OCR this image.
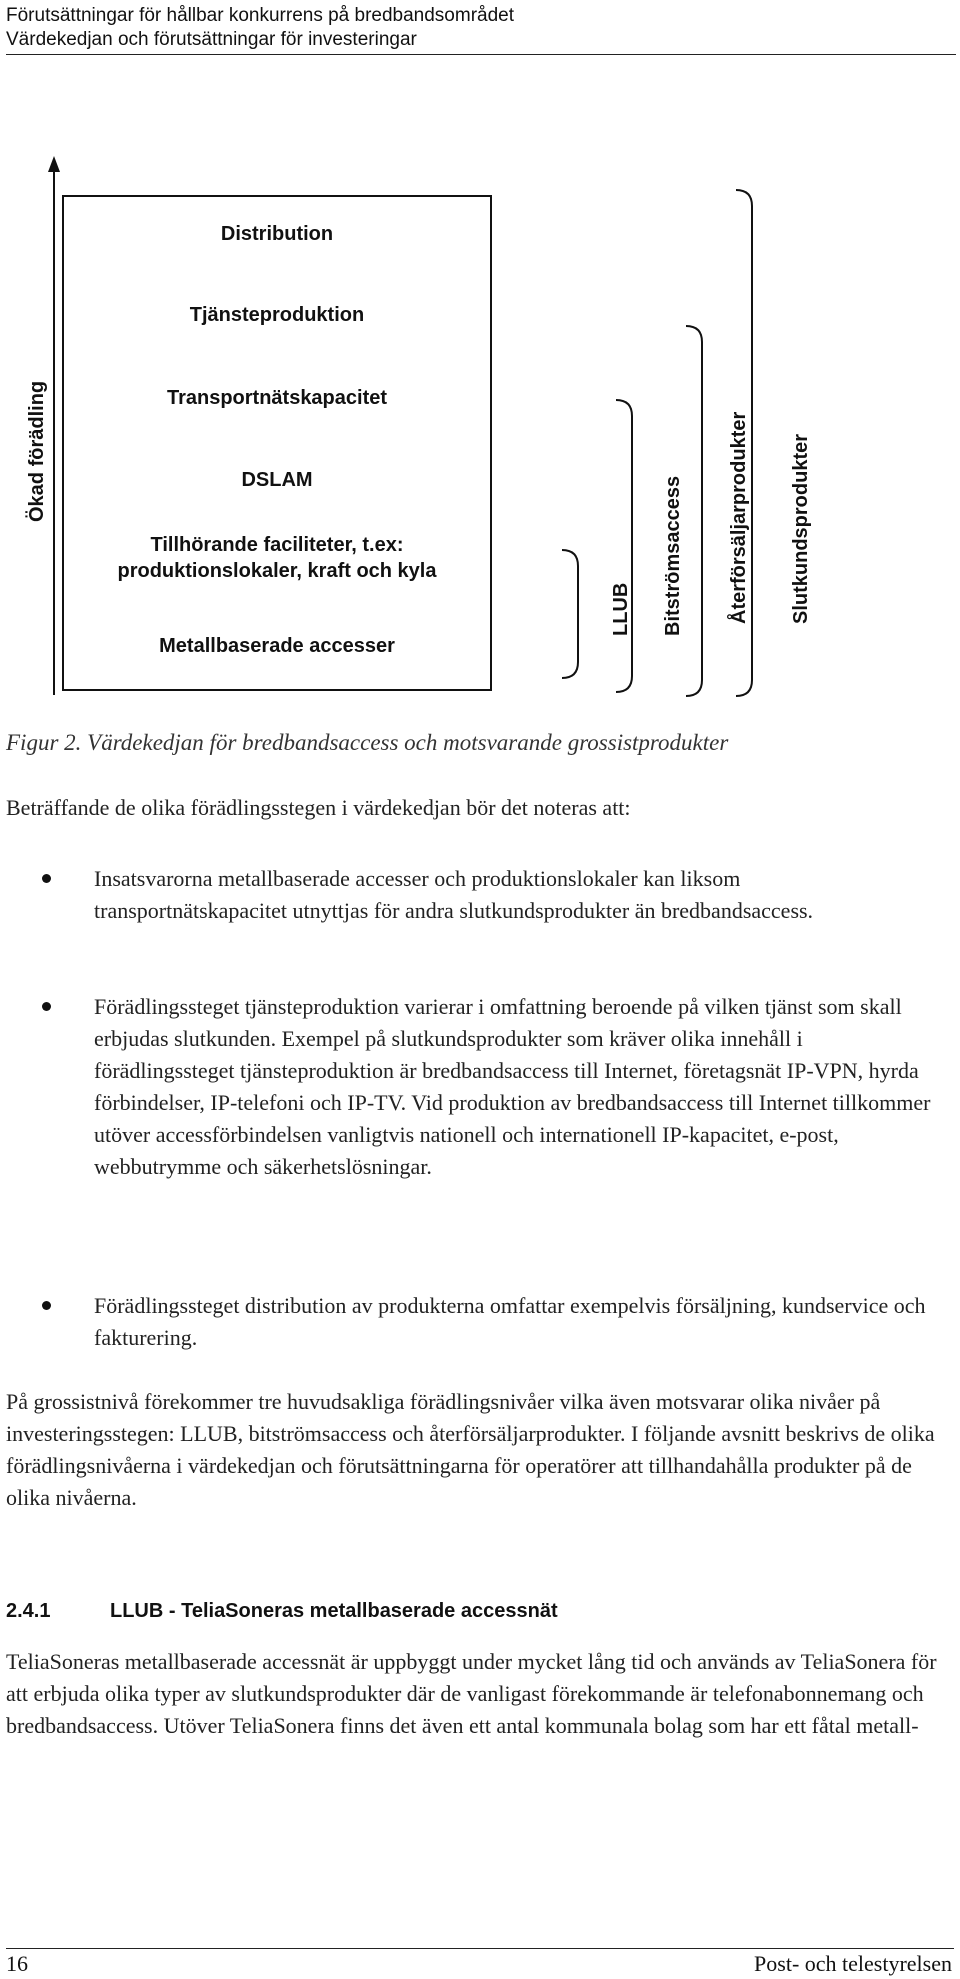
Förutsättningar för hållbar konkurrens på bredbandsområdet
Värdekedjan och förutsättningar för investeringar
Ökad förädling
Distribution
Tjänsteproduktion
Transportnätskapacitet
DSLAM
Tillhörande faciliteter, t.ex:
produktionslokaler, kraft och kyla
Metallbaserade accesser
LLUB Bitströmsaccess Återförsäljarprodukter Slutkundsprodukter
Figur 2. Värdekedjan för bredbandsaccess och motsvarande grossistprodukter
Beträffande de olika förädlingsstegen i värdekedjan bör det noteras att:
Insatsvarorna metallbaserade accesser och produktionslokaler kan liksom transportnätskapacitet utnyttjas för andra slutkundsprodukter än bredbandsaccess.
Förädlingssteget tjänsteproduktion varierar i omfattning beroende på vilken tjänst som skall erbjudas slutkunden. Exempel på slutkundsprodukter som kräver olika innehåll i förädlingssteget tjänsteproduktion är bredbandsaccess till Internet, företagsnät IP-VPN, hyrda förbindelser, IP-telefoni och IP-TV. Vid produktion av bredbandsaccess till Internet tillkommer utöver accessförbindelsen vanligtvis nationell och internationell IP-kapacitet, e-post, webbutrymme och säkerhetslösningar.
Förädlingssteget distribution av produkterna omfattar exempelvis försäljning, kundservice och fakturering.
På grossistnivå förekommer tre huvudsakliga förädlingsnivåer vilka även motsvarar olika nivåer på investeringsstegen: LLUB, bitströmsaccess och återförsäljarprodukter. I följande avsnitt beskrivs de olika förädlingsnivåerna i värdekedjan och förutsättningarna för operatörer att tillhandahålla produkter på de olika nivåerna.
2.4.1	LLUB - TeliaSoneras metallbaserade accessnät
TeliaSoneras metallbaserade accessnät är uppbyggt under mycket lång tid och används av TeliaSonera för att erbjuda olika typer av slutkundsprodukter där de vanligast förekommande är telefonabonnemang och bredbandsaccess. Utöver TeliaSonera finns det även ett antal kommunala bolag som har ett fåtal metall-
16	Post- och telestyrelsen
